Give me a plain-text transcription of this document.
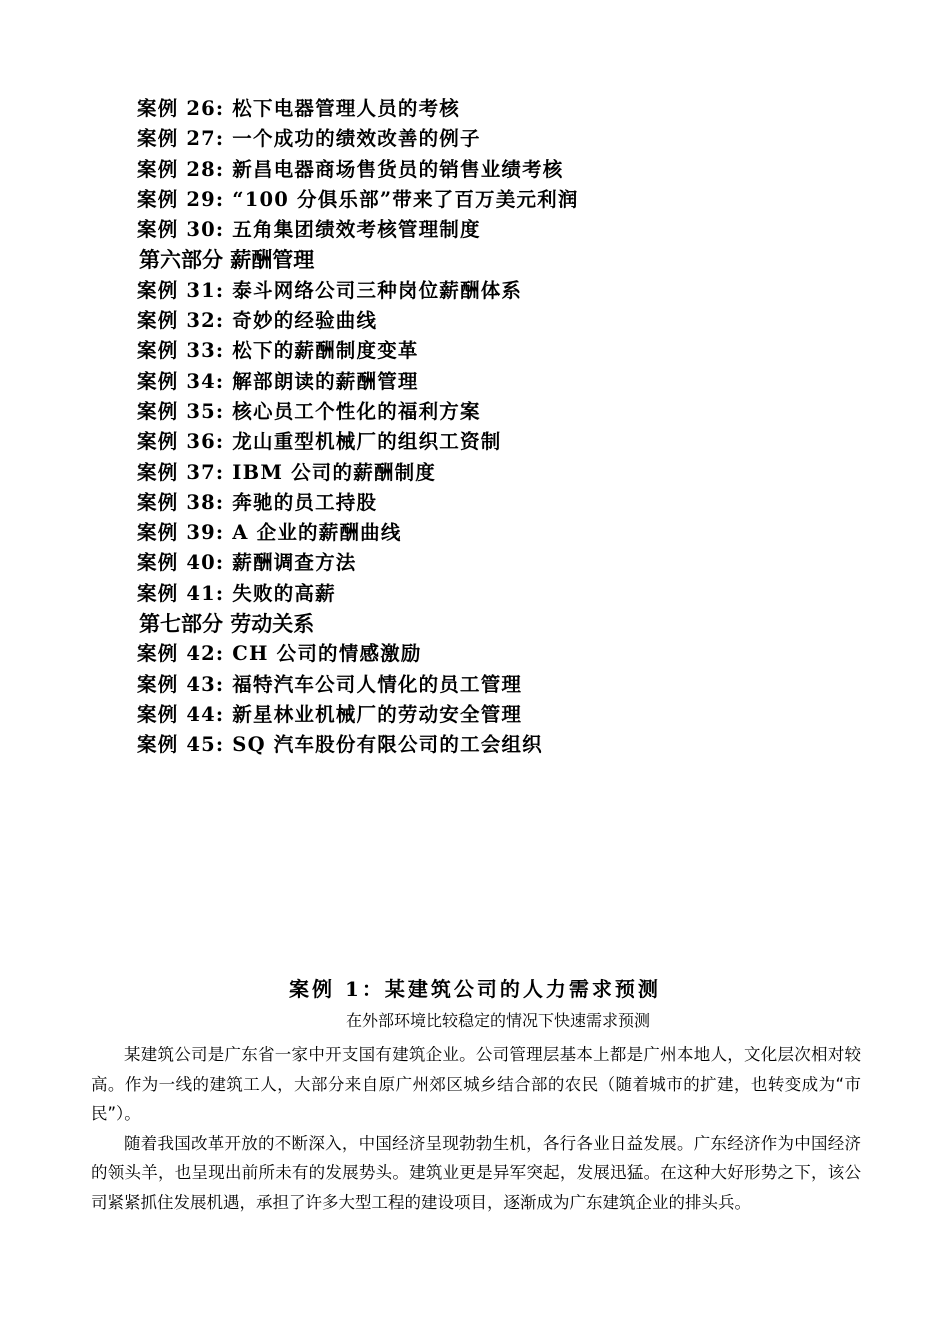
案例 26: 松下电器管理人员的考核
案例 27: 一个成功的绩效改善的例子
案例 28: 新昌电器商场售货员的销售业绩考核
案例 29: “100 分俱乐部”带来了百万美元利润
案例 30: 五角集团绩效考核管理制度
第六部分 薪酬管理
案例 31: 泰斗网络公司三种岗位薪酬体系
案例 32: 奇妙的经验曲线
案例 33: 松下的薪酬制度变革
案例 34: 解部朗读的薪酬管理
案例 35: 核心员工个性化的福利方案
案例 36: 龙山重型机械厂的组织工资制
案例 37: IBM 公司的薪酬制度
案例 38: 奔驰的员工持股
案例 39: A 企业的薪酬曲线
案例 40: 薪酬调查方法
案例 41: 失败的高薪
第七部分 劳动关系
案例 42: CH 公司的情感激励
案例 43: 福特汽车公司人情化的员工管理
案例 44: 新星林业机械厂的劳动安全管理
案例 45: SQ 汽车股份有限公司的工会组织
案例 1：某建筑公司的人力需求预测
在外部环境比较稳定的情况下快速需求预测

某建筑公司是广东省一家中开支国有建筑企业。公司管理层基本上都是广州本地人，文化层次相对较高。作为一线的建筑工人，大部分来自原广州郊区城乡结合部的农民（随着城市的扩建，也转变成为“市民”）。

随着我国改革开放的不断深入，中国经济呈现勃勃生机，各行各业日益发展。广东经济作为中国经济的领头羊，也呈现出前所未有的发展势头。建筑业更是异军突起，发展迅猛。在这种大好形势之下，该公司紧紧抓住发展机遇，承担了许多大型工程的建设项目，逐渐成为广东建筑企业的排头兵。
